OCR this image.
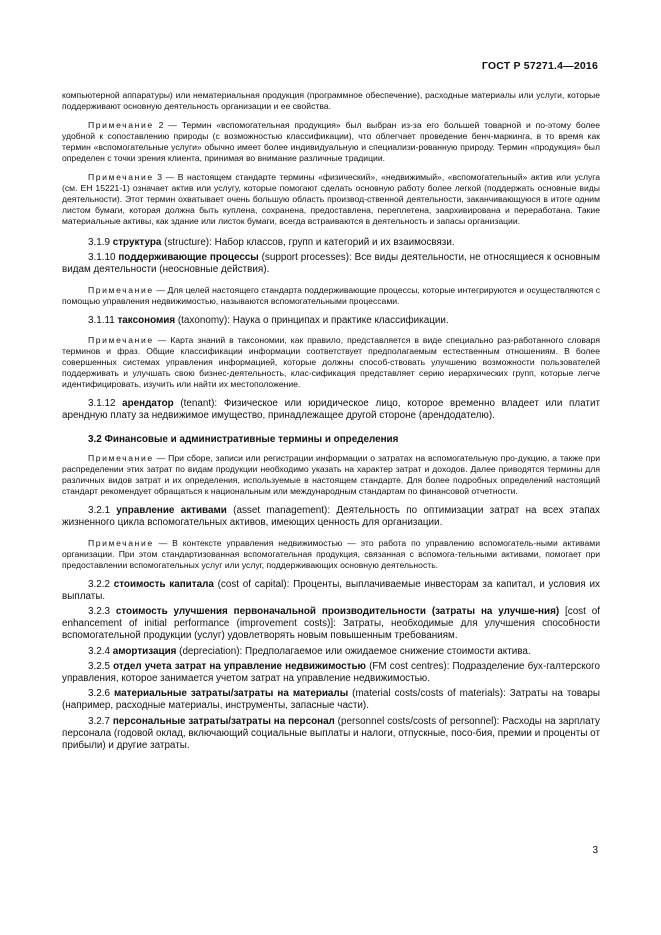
ГОСТ Р 57271.4—2016

компьютерной аппаратуры) или нематериальная продукция (программное обеспечение), расходные материалы или услуги, которые поддерживают основную деятельность организации и ее свойства.

Примечание 2 — Термин «вспомогательная продукция» был выбран из-за его большей товарной и по-этому более удобной к сопоставлению природы (с возможностью классификации), что облегчает проведение бенч-маркинга, в то время как термин «вспомогательные услуги» обычно имеет более индивидуальную и специализи-рованную природу. Термин «продукция» был определен с точки зрения клиента, принимая во внимание различные традиции.

Примечание 3 — В настоящем стандарте термины «физический», «недвижимый», «вспомогательный» актив или услуга (см. ЕН 15221-1) означает актив или услугу, которые помогают сделать основную работу более легкой (поддержать основные виды деятельности). Этот термин охватывает очень большую область производ-ственной деятельности, заканчивающуюся в итоге одним листом бумаги, которая должна быть куплена, сохранена, предоставлена, переплетена, заархивирована и переработана. Такие материальные активы, как здание или листок бумаги, всегда встраиваются в деятельность и запасы организации.

3.1.9 структура (structure): Набор классов, групп и категорий и их взаимосвязи.

3.1.10 поддерживающие процессы (support processes): Все виды деятельности, не относящиеся к основным видам деятельности (неосновные действия).

Примечание — Для целей настоящего стандарта поддерживающие процессы, которые интегрируются и осуществляются с помощью управления недвижимостью, называются вспомогательными процессами.

3.1.11 таксономия (taxonomy): Наука о принципах и практике классификации.

Примечание — Карта знаний в таксономии, как правило, представляется в виде специально раз-работанного словаря терминов и фраз. Общие классификации информации соответствует предполагаемым естественным отношениям. В более совершенных системах управления информацией, которые должны способ-ствовать улучшению возможности пользователей поддерживать и улучшать свою бизнес-деятельность, клас-сификация представляет серию иерархических групп, которые легче идентифицировать, изучить или найти их местоположение.

3.1.12 арендатор (tenant): Физическое или юридическое лицо, которое временно владеет или платит арендную плату за недвижимое имущество, принадлежащее другой стороне (арендодателю).

3.2 Финансовые и административные термины и определения

Примечание — При сборе, записи или регистрации информации о затратах на вспомогательную про-дукцию, а также при распределении этих затрат по видам продукции необходимо указать на характер затрат и доходов. Далее приводятся термины для различных видов затрат и их определения, используемые в настоящем стандарте. Для более подробных определений настоящий стандарт рекомендует обращаться к национальным или международным стандартам по финансовой отчетности.

3.2.1 управление активами (asset management): Деятельность по оптимизации затрат на всех этапах жизненного цикла вспомогательных активов, имеющих ценность для организации.

Примечание — В контексте управления недвижимостью — это работа по управлению вспомогатель-ными активами организации. При этом стандартизованная вспомогательная продукция, связанная с вспомога-тельными активами, помогает при предоставлении вспомогательных услуг или услуг, поддерживающих основную деятельность.

3.2.2 стоимость капитала (cost of capital): Проценты, выплачиваемые инвесторам за капитал, и условия их выплаты.

3.2.3 стоимость улучшения первоначальной производительности (затраты на улучше-ния) [cost of enhancement of initial performance (improvement costs)]: Затраты, необходимые для улучшения способности вспомогательной продукции (услуг) удовлетворять новым повышенным требованиям.

3.2.4 амортизация (depreciation): Предполагаемое или ожидаемое снижение стоимости актива.

3.2.5 отдел учета затрат на управление недвижимостью (FM cost centres): Подразделение бух-галтерского управления, которое занимается учетом затрат на управление недвижимостью.

3.2.6 материальные затраты/затраты на материалы (material costs/costs of materials): Затраты на товары (например, расходные материалы, инструменты, запасные части).

3.2.7 персональные затраты/затраты на персонал (personnel costs/costs of personnel): Расходы на зарплату персонала (годовой оклад, включающий социальные выплаты и налоги, отпускные, посо-бия, премии и проценты от прибыли) и другие затраты.

3
